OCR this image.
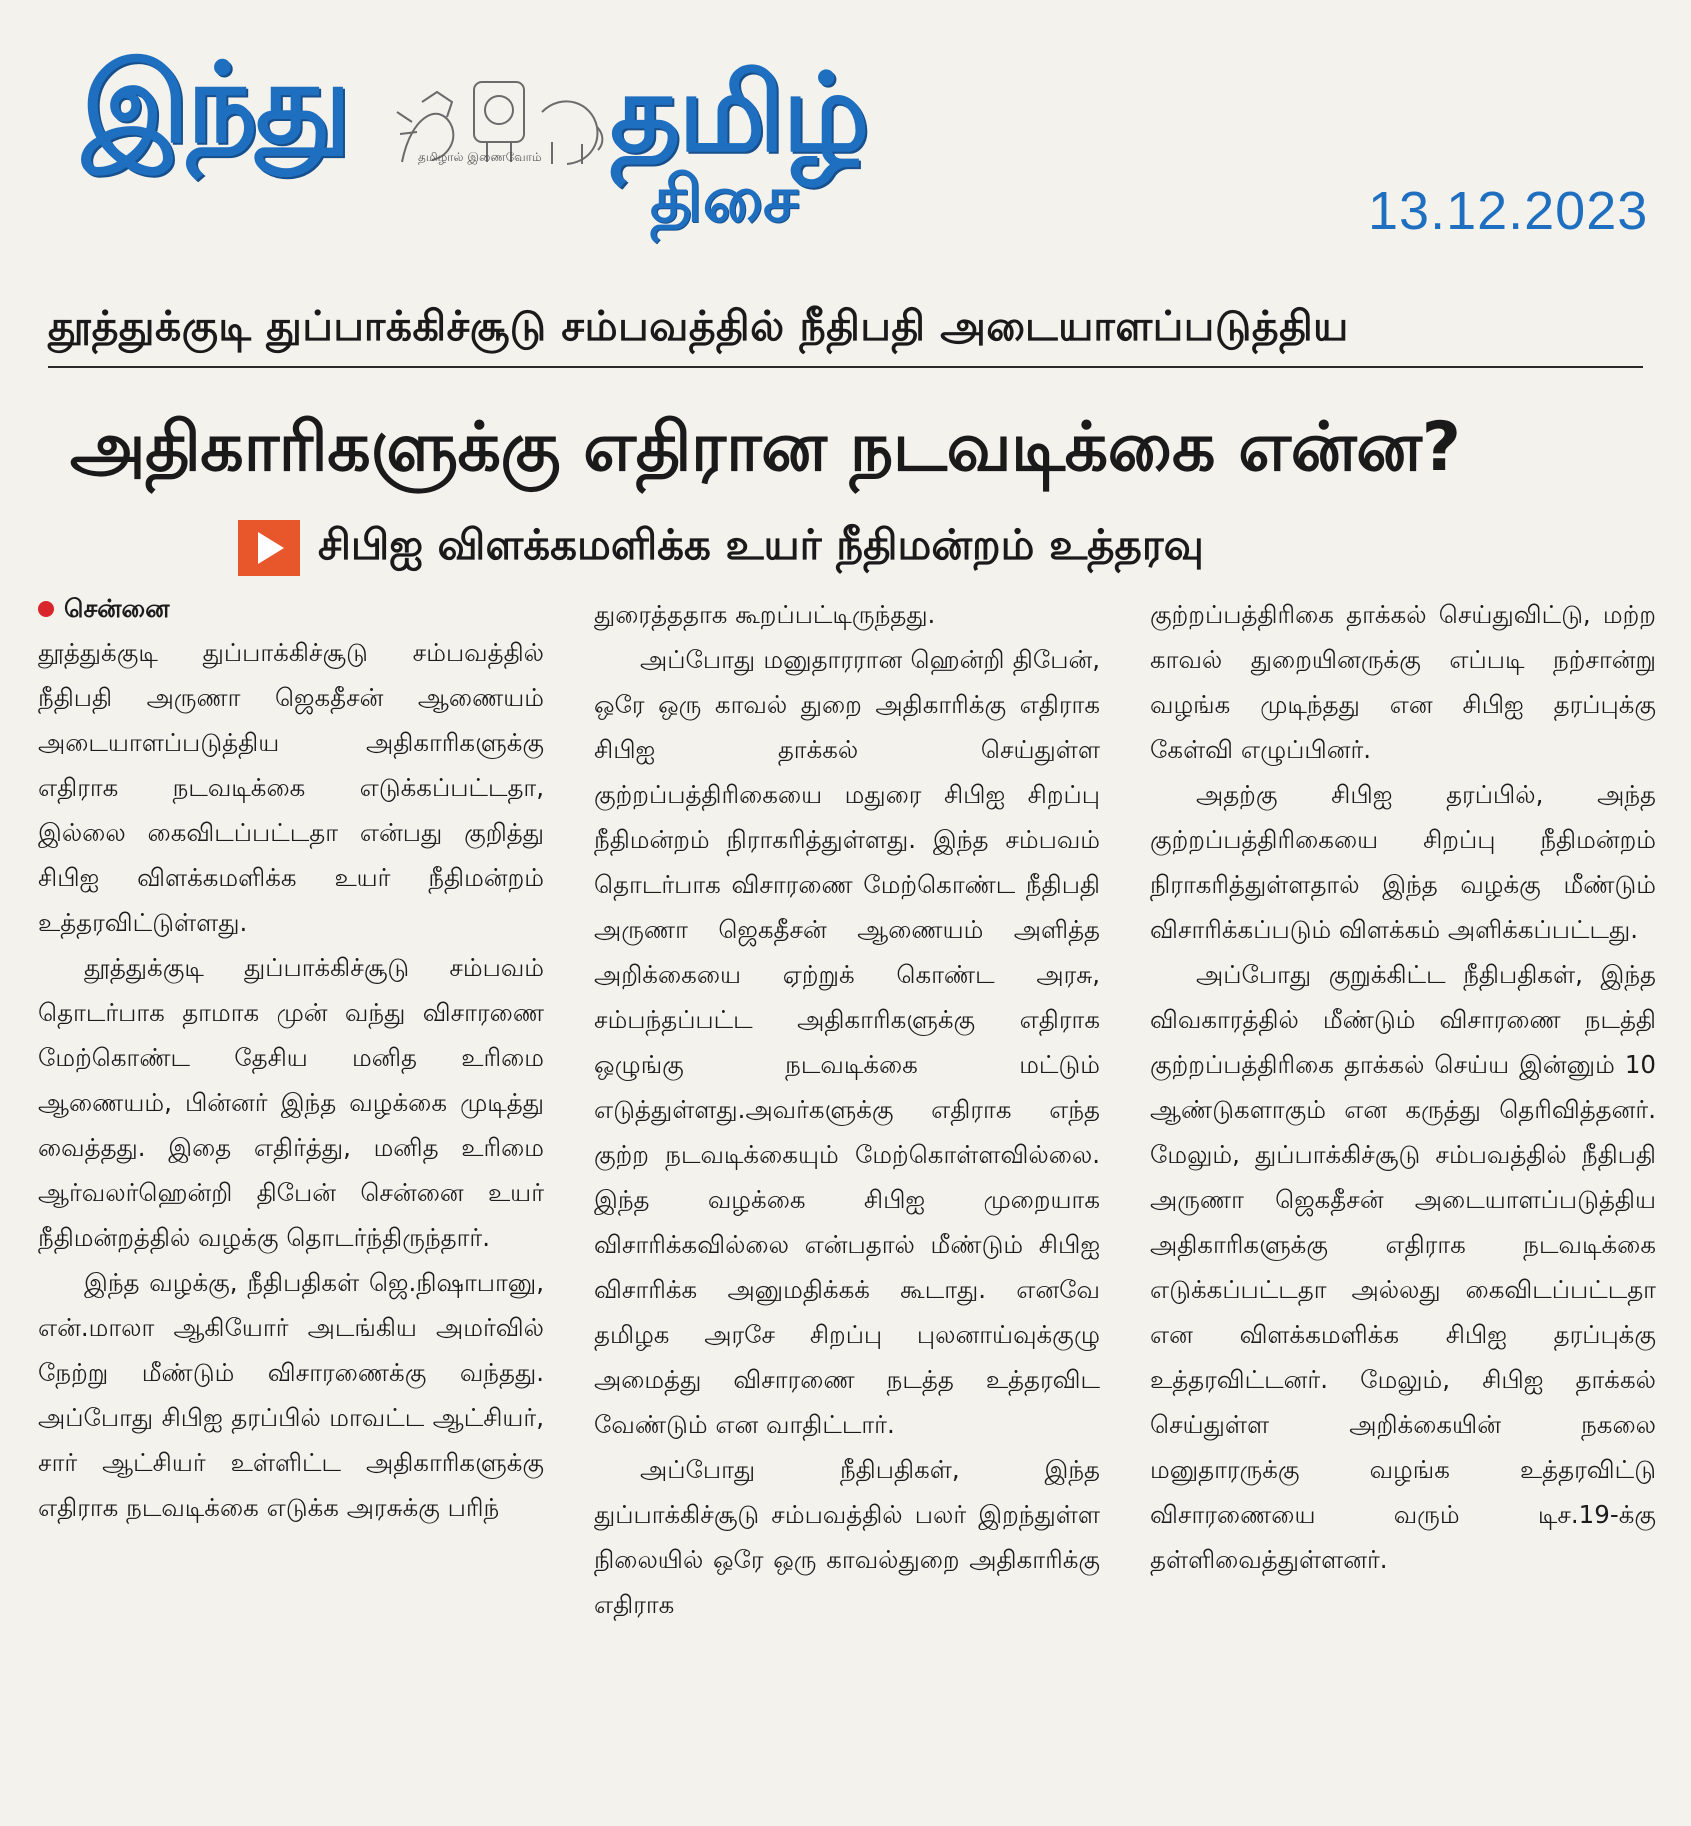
இந்து	தமிழால் இணைவோம் தமிழ்
திசை	13.12.2023
தூத்துக்குடி துப்பாக்கிச்சூடு சம்பவத்தில் நீதிபதி அடையாளப்படுத்திய
அதிகாரிகளுக்கு எதிரான நடவடிக்கை என்ன?
சிபிஐ விளக்கமளிக்க உயர் நீதிமன்றம் உத்தரவு
சென்னை

தூத்துக்குடி துப்பாக்கிச்சூடு சம்பவத்தில் நீதிபதி அருணா ஜெகதீசன் ஆணையம் அடையாளப்படுத்திய அதிகாரிகளுக்கு எதிராக நடவடிக்கை எடுக்கப்பட்டதா, இல்லை கைவிடப்பட்டதா என்பது குறித்து சிபிஐ விளக்கமளிக்க உயர் நீதிமன்றம் உத்தரவிட்டுள்ளது.

தூத்துக்குடி துப்பாக்கிச்சூடு சம்பவம் தொடர்பாக தாமாக முன் வந்து விசாரணை மேற்கொண்ட தேசிய மனித உரிமை ஆணையம், பின்னர் இந்த வழக்கை முடித்து வைத்தது. இதை எதிர்த்து, மனித உரிமை ஆர்வலர்ஹென்றி திபேன் சென்னை உயர் நீதிமன்றத்தில் வழக்கு தொடர்ந்திருந்தார்.

இந்த வழக்கு, நீதிபதிகள் ஜெ.நிஷாபானு, என்.மாலா ஆகியோர் அடங்கிய அமர்வில் நேற்று மீண்டும் விசாரணைக்கு வந்தது. அப்போது சிபிஐ தரப்பில் மாவட்ட ஆட்சியர், சார் ஆட்சியர் உள்ளிட்ட அதிகாரிகளுக்கு எதிராக நடவடிக்கை எடுக்க அரசுக்கு பரிந்

துரைத்ததாக கூறப்பட்டிருந்தது.

அப்போது மனுதாரரான ஹென்றி திபேன், ஒரே ஒரு காவல் துறை அதிகாரிக்கு எதிராக சிபிஐ தாக்கல் செய்துள்ள குற்றப்பத்திரிகையை மதுரை சிபிஐ சிறப்பு நீதிமன்றம் நிராகரித்துள்ளது. இந்த சம்பவம் தொடர்பாக விசாரணை மேற்கொண்ட நீதிபதி அருணா ஜெகதீசன் ஆணையம் அளித்த அறிக்கையை ஏற்றுக் கொண்ட அரசு, சம்பந்தப்பட்ட அதிகாரிகளுக்கு எதிராக ஒழுங்கு நடவடிக்கை மட்டும் எடுத்துள்ளது.அவர்களுக்கு எதிராக எந்த குற்ற நடவடிக்கையும் மேற்கொள்ளவில்லை. இந்த வழக்கை சிபிஐ முறையாக விசாரிக்கவில்லை என்பதால் மீண்டும் சிபிஐ விசாரிக்க அனுமதிக்கக் கூடாது. எனவே தமிழக அரசே சிறப்பு புலனாய்வுக்குழு அமைத்து விசாரணை நடத்த உத்தரவிட வேண்டும் என வாதிட்டார்.

அப்போது நீதிபதிகள், இந்த துப்பாக்கிச்சூடு சம்பவத்தில் பலர் இறந்துள்ள நிலையில் ஒரே ஒரு காவல்துறை அதிகாரிக்கு எதிராக

குற்றப்பத்திரிகை தாக்கல் செய்துவிட்டு, மற்ற காவல் துறையினருக்கு எப்படி நற்சான்று வழங்க முடிந்தது என சிபிஐ தரப்புக்கு கேள்வி எழுப்பினர்.

அதற்கு சிபிஐ தரப்பில், அந்த குற்றப்பத்திரிகையை சிறப்பு நீதிமன்றம் நிராகரித்துள்ளதால் இந்த வழக்கு மீண்டும் விசாரிக்கப்படும் விளக்கம் அளிக்கப்பட்டது.

அப்போது குறுக்கிட்ட நீதிபதிகள், இந்த விவகாரத்தில் மீண்டும் விசாரணை நடத்தி குற்றப்பத்திரிகை தாக்கல் செய்ய இன்னும் 10 ஆண்டுகளாகும் என கருத்து தெரிவித்தனர். மேலும், துப்பாக்கிச்சூடு சம்பவத்தில் நீதிபதி அருணா ஜெகதீசன் அடையாளப்படுத்திய அதிகாரிகளுக்கு எதிராக நடவடிக்கை எடுக்கப்பட்டதா அல்லது கைவிடப்பட்டதா என விளக்கமளிக்க சிபிஐ தரப்புக்கு உத்தரவிட்டனர். மேலும், சிபிஐ தாக்கல் செய்துள்ள அறிக்கையின் நகலை மனுதாரருக்கு வழங்க உத்தரவிட்டு விசாரணையை வரும் டிச.19-க்கு தள்ளிவைத்துள்ளனர்.
